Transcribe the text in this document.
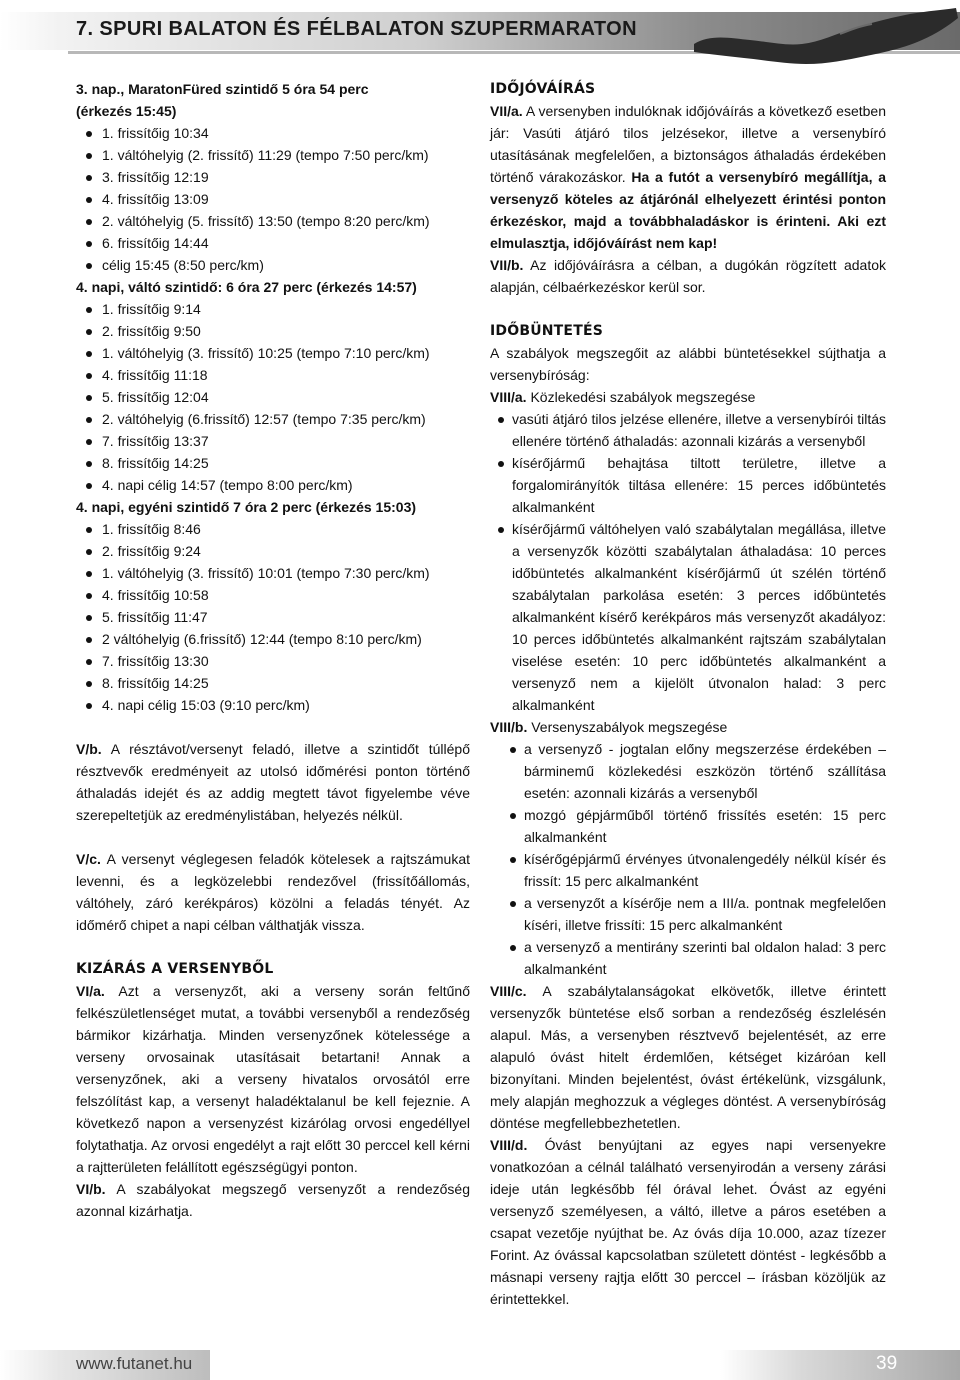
7. SPURI BALATON ÉS FÉLBALATON SZUPERMARATON

3. nap., MaratonFüred szintidő 5 óra 54 perc
(érkezés 15:45)

1. frissítőig 10:34
1. váltóhelyig (2. frissítő) 11:29 (tempo 7:50 perc/km)
3. frissítőig 12:19
4. frissítőig 13:09
2. váltóhelyig (5. frissítő) 13:50 (tempo 8:20 perc/km)
6. frissítőig 14:44
célig 15:45 (8:50 perc/km)

4. napi, váltó szintidő: 6 óra 27 perc (érkezés 14:57)

1. frissítőig 9:14
2. frissítőig 9:50
1. váltóhelyig (3. frissítő) 10:25 (tempo 7:10 perc/km)
4. frissítőig 11:18
5. frissítőig 12:04
2. váltóhelyig (6.frissítő) 12:57 (tempo 7:35 perc/km)
7. frissítőig 13:37
8. frissítőig 14:25
4. napi célig 14:57 (tempo 8:00 perc/km)

4. napi, egyéni szintidő 7 óra 2 perc (érkezés 15:03)

1. frissítőig 8:46
2. frissítőig 9:24
1. váltóhelyig (3. frissítő) 10:01 (tempo 7:30 perc/km)
4. frissítőig 10:58
5. frissítőig 11:47
2 váltóhelyig (6.frissítő) 12:44 (tempo 8:10 perc/km)
7. frissítőig 13:30
8. frissítőig 14:25
4. napi célig 15:03 (9:10 perc/km)

V/b. A résztávot/versenyt feladó, illetve a szintidőt túllépő résztvevők eredményeit az utolsó időmérési ponton történő áthaladás idejét és az addig megtett távot figyelembe véve szerepeltetjük az eredménylistában, helyezés nélkül.

V/c. A versenyt véglegesen feladók kötelesek a rajtszámukat levenni, és a legközelebbi rendezővel (frissítőállomás, váltóhely, záró kerékpáros) közölni a feladás tényét. Az időmérő chipet a napi célban válthatják vissza.

KIZÁRÁS A VERSENYBŐL

VI/a. Azt a versenyzőt, aki a verseny során feltűnő felkészületlenséget mutat, a további versenyből a rendezőség bármikor kizárhatja. Minden versenyzőnek kötelessége a verseny orvosainak utasításait betartani! Annak a versenyzőnek, aki a verseny hivatalos orvosától erre felszólítást kap, a versenyt haladéktalanul be kell fejeznie. A következő napon a versenyzést kizárólag orvosi engedéllyel folytathatja. Az orvosi engedélyt a rajt előtt 30 perccel kell kérni a rajtterületen felállított egészségügyi ponton.

VI/b. A szabályokat megszegő versenyzőt a rendezőség azonnal kizárhatja.

IDŐJÓVÁÍRÁS

VII/a. A versenyben indulóknak időjóváírás a következő esetben jár: Vasúti átjáró tilos jelzésekor, illetve a versenybíró utasításának megfelelően, a biztonságos áthaladás érdekében történő várakozáskor. Ha a futót a versenybíró megállítja, a versenyző köteles az átjárónál elhelyezett érintési ponton érkezéskor, majd a továbbhaladáskor is érinteni. Aki ezt elmulasztja, időjóváírást nem kap!

VII/b. Az időjóváírásra a célban, a dugókán rögzített adatok alapján, célbaérkezéskor kerül sor.

IDŐBÜNTETÉS

A szabályok megszegőit az alábbi büntetésekkel sújthatja a versenybíróság:

VIII/a. Közlekedési szabályok megszegése

vasúti átjáró tilos jelzése ellenére, illetve a versenybírói tiltás ellenére történő áthaladás: azonnali kizárás a versenyből
kísérőjármű behajtása tiltott területre, illetve a forgalomirányítók tiltása ellenére: 15 perces időbüntetés alkalmanként
kísérőjármű váltóhelyen való szabálytalan megállása, illetve a versenyzők közötti szabálytalan áthaladása: 10 perces időbüntetés alkalmanként kísérőjármű út szélén történő szabálytalan parkolása esetén: 3 perces időbüntetés alkalmanként kísérő kerékpáros más versenyzőt akadályoz: 10 perces időbüntetés alkalmanként rajtszám szabálytalan viselése esetén: 10 perc időbüntetés alkalmanként a versenyző nem a kijelölt útvonalon halad: 3 perc alkalmanként

VIII/b. Versenyszabályok megszegése

a versenyző - jogtalan előny megszerzése érdekében – bárminemű közlekedési eszközön történő szállítása esetén: azonnali kizárás a versenyből
mozgó gépjárműből történő frissítés esetén: 15 perc alkalmanként
kísérőgépjármű érvényes útvonalengedély nélkül kísér és frissít: 15 perc alkalmanként
a versenyzőt a kísérője nem a III/a. pontnak megfelelően kíséri, illetve frissíti: 15 perc alkalmanként
a versenyző a mentirány szerinti bal oldalon halad: 3 perc alkalmanként

VIII/c. A szabálytalanságokat elkövetők, illetve érintett versenyzők büntetése első sorban a rendezőség észlelésén alapul. Más, a versenyben résztvevő bejelentését, az erre alapuló óvást hitelt érdemlően, kétséget kizáróan kell bizonyítani. Minden bejelentést, óvást értékelünk, vizsgálunk, mely alapján meghozzuk a végleges döntést. A versenybíróság döntése megfellebbezhetetlen.

VIII/d. Óvást benyújtani az egyes napi versenyekre vonatkozóan a célnál található versenyirodán a verseny zárási ideje után legkésőbb fél órával lehet. Óvást az egyéni versenyző személyesen, a váltó, illetve a páros esetében a csapat vezetője nyújthat be. Az óvás díja 10.000, azaz tízezer Forint. Az óvással kapcsolatban született döntést - legkésőbb a másnapi verseny rajtja előtt 30 perccel – írásban közöljük az érintettekkel.

www.futanet.hu	39
